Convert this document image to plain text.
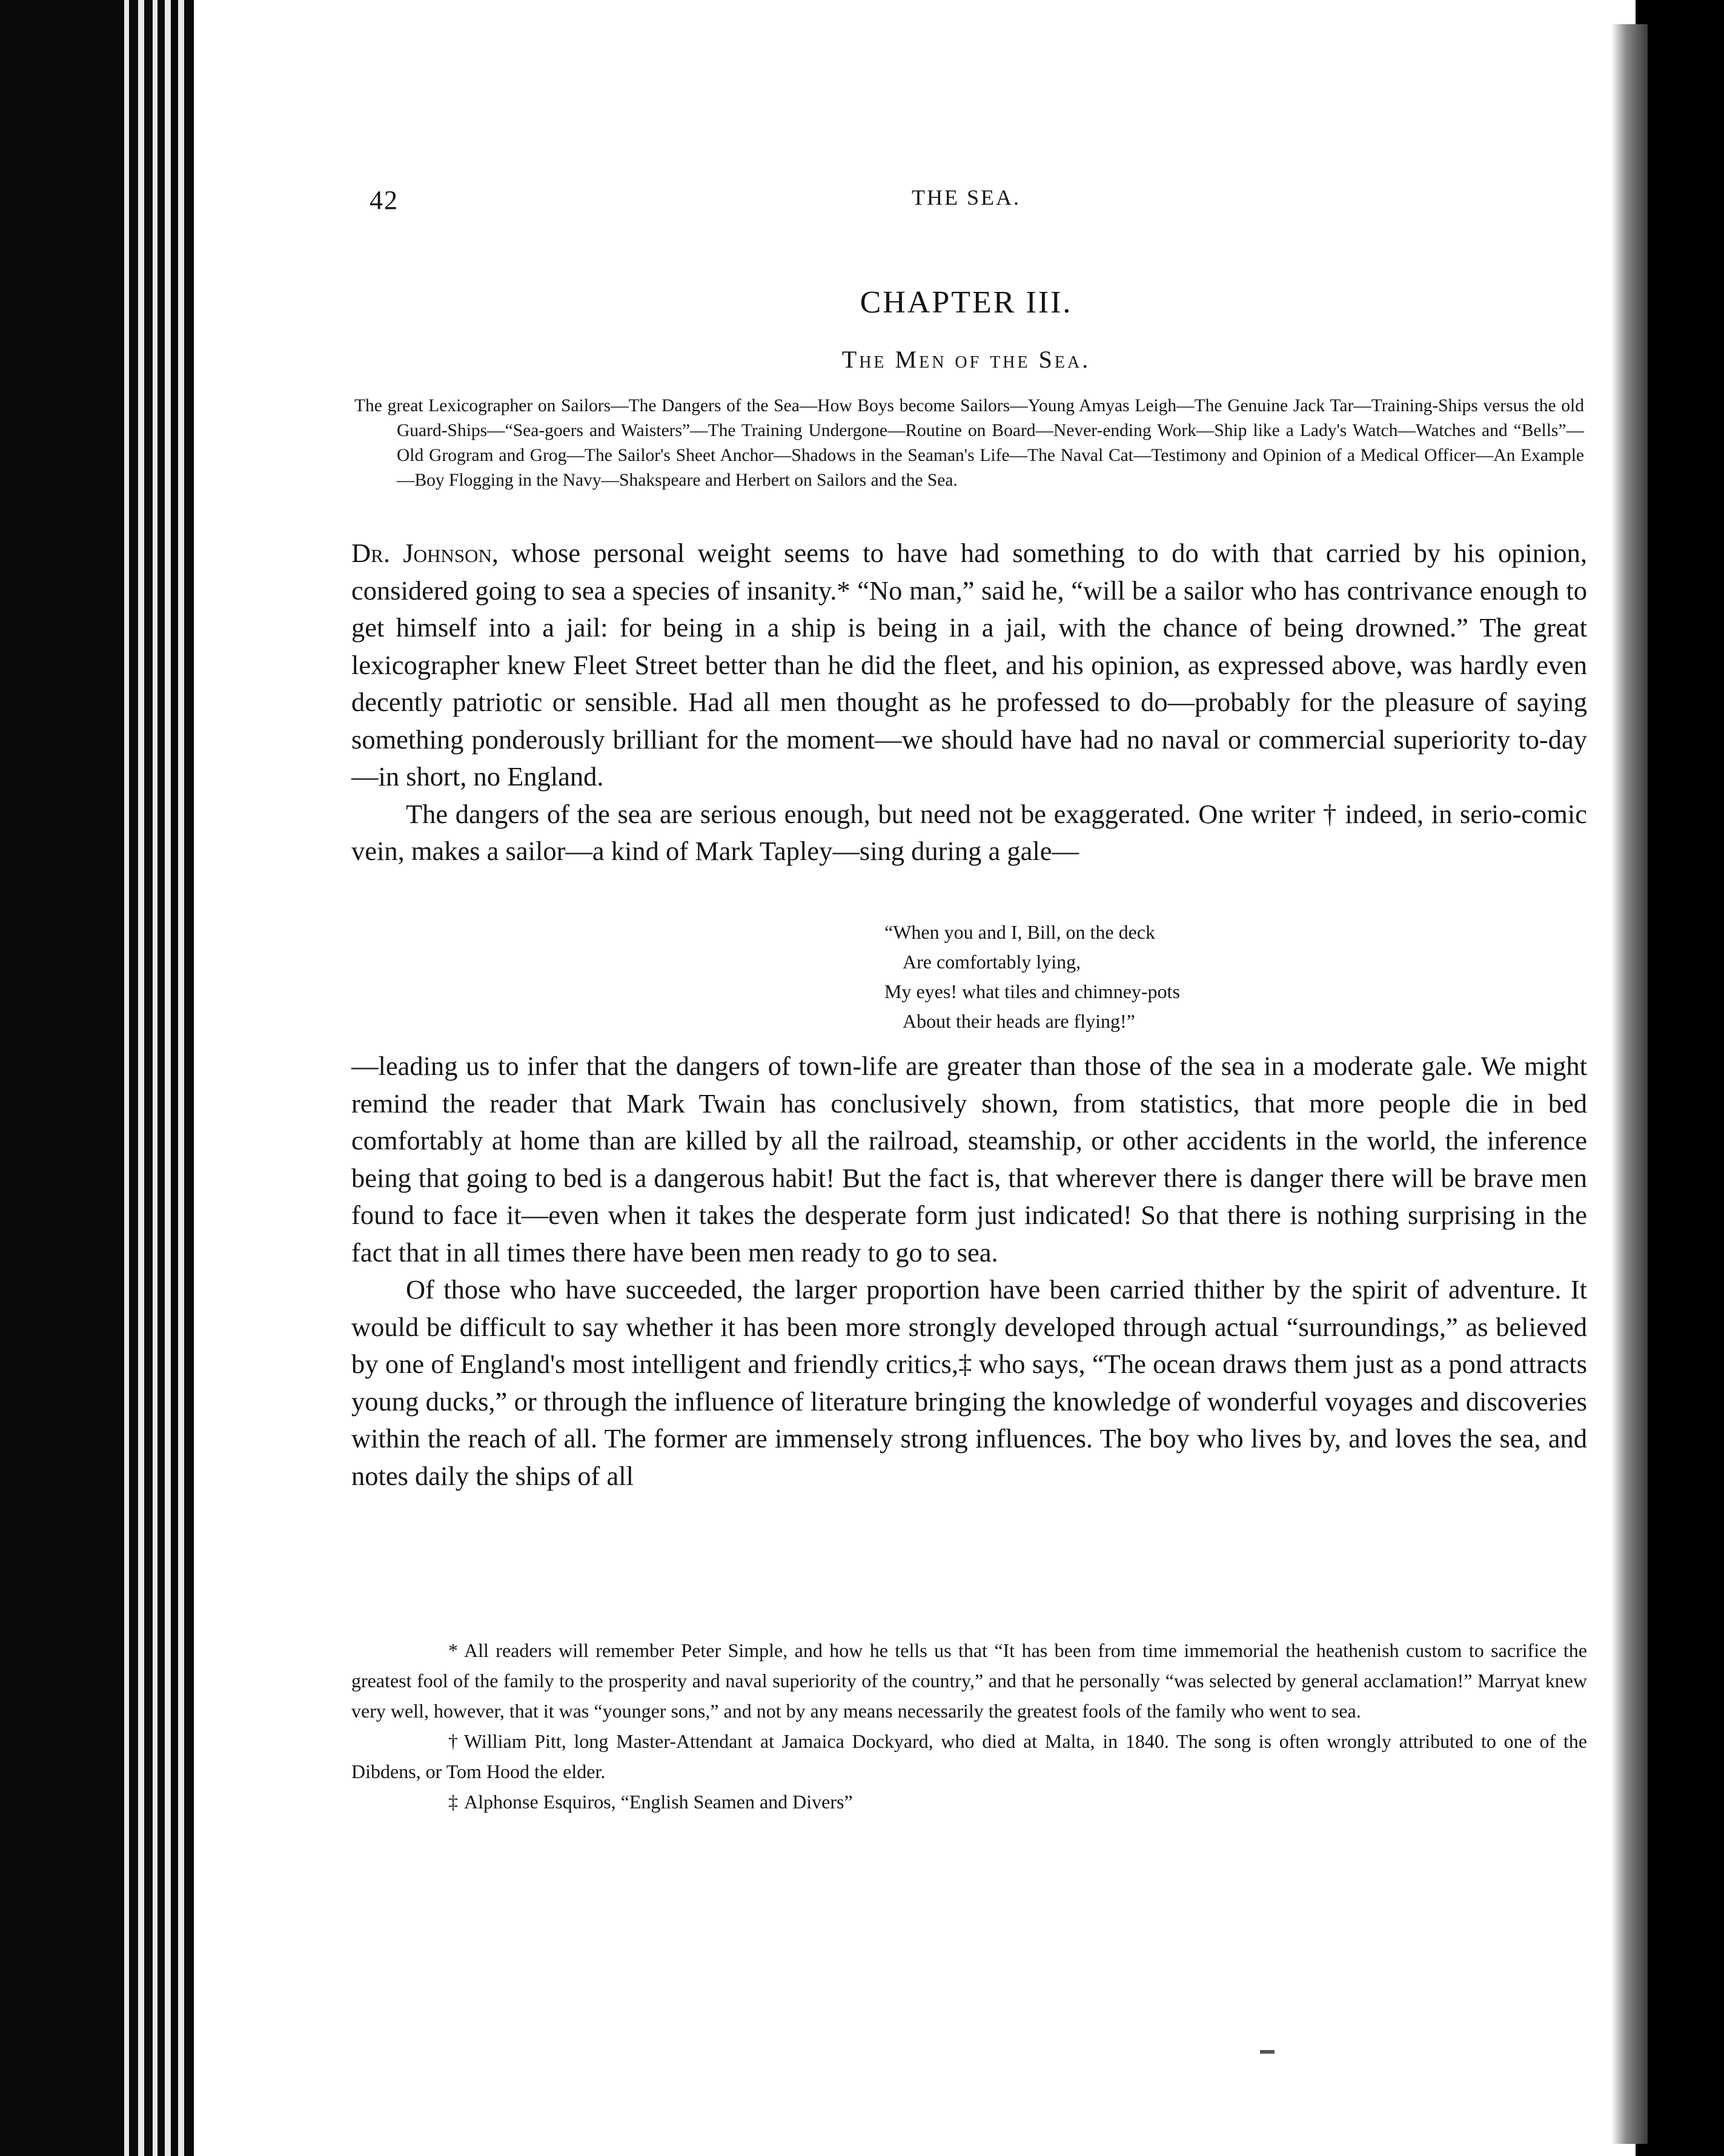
42	THE SEA.
CHAPTER III.
The Men of the Sea.
The great Lexicographer on Sailors—The Dangers of the Sea—How Boys become Sailors—Young Amyas Leigh—The Genuine Jack Tar—Training-Ships versus the old Guard-Ships—“Sea-goers and Waisters”—The Training Undergone—Routine on Board—Never-ending Work—Ship like a Lady's Watch—Watches and “Bells”—Old Grogram and Grog—The Sailor's Sheet Anchor—Shadows in the Seaman's Life—The Naval Cat—Testimony and Opinion of a Medical Officer—An Example—Boy Flogging in the Navy—Shakspeare and Herbert on Sailors and the Sea.

Dr. Johnson, whose personal weight seems to have had something to do with that carried by his opinion, considered going to sea a species of insanity.* “No man,” said he, “will be a sailor who has contrivance enough to get himself into a jail: for being in a ship is being in a jail, with the chance of being drowned.” The great lexicographer knew Fleet Street better than he did the fleet, and his opinion, as expressed above, was hardly even decently patriotic or sensible. Had all men thought as he professed to do—probably for the pleasure of saying something ponderously brilliant for the moment—we should have had no naval or commercial superiority to-day—in short, no England.

The dangers of the sea are serious enough, but need not be exaggerated. One writer † indeed, in serio-comic vein, makes a sailor—a kind of Mark Tapley—sing during a gale—

“When you and I, Bill, on the deck
Are comfortably lying,
My eyes! what tiles and chimney-pots
About their heads are flying!”

—leading us to infer that the dangers of town-life are greater than those of the sea in a moderate gale. We might remind the reader that Mark Twain has conclusively shown, from statistics, that more people die in bed comfortably at home than are killed by all the railroad, steamship, or other accidents in the world, the inference being that going to bed is a dangerous habit! But the fact is, that wherever there is danger there will be brave men found to face it—even when it takes the desperate form just indicated! So that there is nothing surprising in the fact that in all times there have been men ready to go to sea.

Of those who have succeeded, the larger proportion have been carried thither by the spirit of adventure. It would be difficult to say whether it has been more strongly developed through actual “surroundings,” as believed by one of England's most intelligent and friendly critics,‡ who says, “The ocean draws them just as a pond attracts young ducks,” or through the influence of literature bringing the knowledge of wonderful voyages and discoveries within the reach of all. The former are immensely strong influences. The boy who lives by, and loves the sea, and notes daily the ships of all

* All readers will remember Peter Simple, and how he tells us that “It has been from time immemorial the heathenish custom to sacrifice the greatest fool of the family to the prosperity and naval superiority of the country,” and that he personally “was selected by general acclamation!” Marryat knew very well, however, that it was “younger sons,” and not by any means necessarily the greatest fools of the family who went to sea.

† William Pitt, long Master-Attendant at Jamaica Dockyard, who died at Malta, in 1840. The song is often wrongly attributed to one of the Dibdens, or Tom Hood the elder.

‡ Alphonse Esquiros, “English Seamen and Divers”
